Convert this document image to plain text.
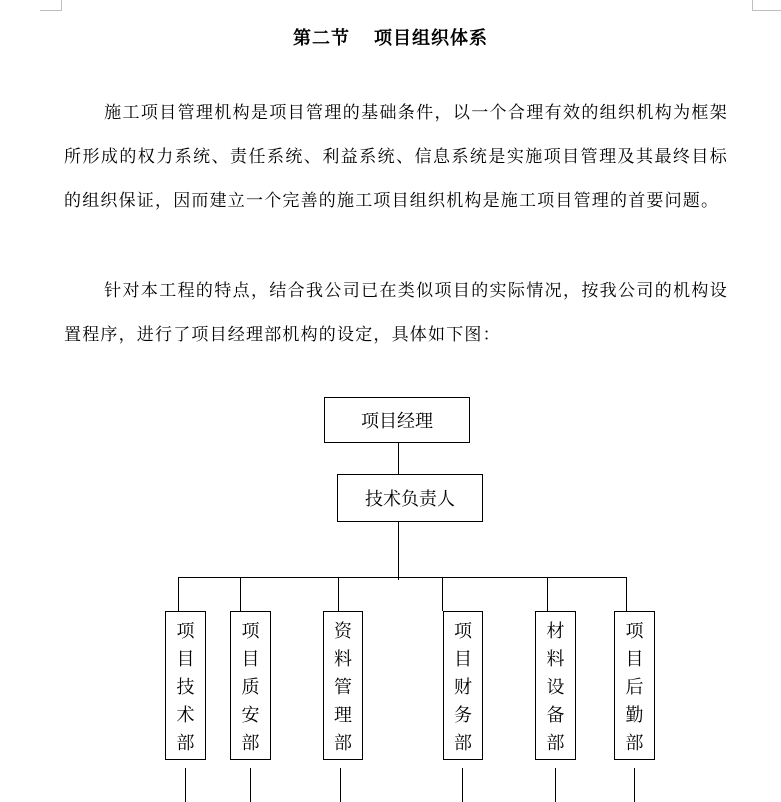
第二节 项目组织体系

施工项目管理机构是项目管理的基础条件，以一个合理有效的组织机构为框架所形成的权力系统、责任系统、利益系统、信息系统是实施项目管理及其最终目标的组织保证，因而建立一个完善的施工项目组织机构是施工项目管理的首要问题。

针对本工程的特点，结合我公司已在类似项目的实际情况，按我公司的机构设置程序，进行了项目经理部机构的设定，具体如下图：

项目经理
技术负责人
项
目
技
术
部
项
目
质
安
部
资
料
管
理
部
项
目
财
务
部
材
料
设
备
部
项
目
后
勤
部
